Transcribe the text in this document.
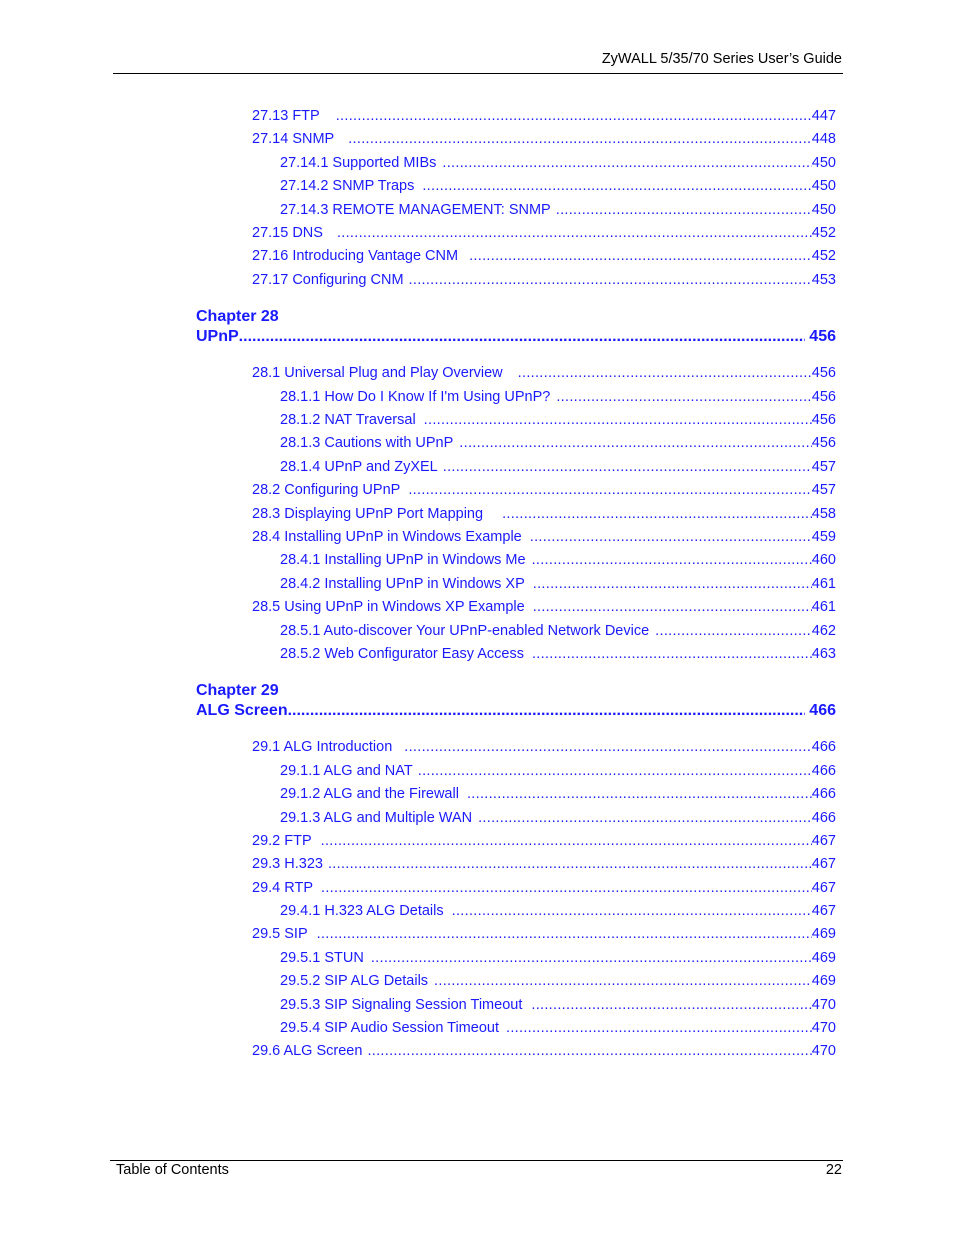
ZyWALL 5/35/70 Series User’s Guide
27.13 FTP .....	447
27.14 SNMP .....	448
27.14.1 Supported MIBs .....	450
27.14.2 SNMP Traps .....	450
27.14.3 REMOTE MANAGEMENT: SNMP .....	450
27.15 DNS .....	452
27.16 Introducing Vantage CNM .....	452
27.17 Configuring CNM .....	453
Chapter 28
UPnP .....	456
28.1 Universal Plug and Play Overview .....	456
28.1.1 How Do I Know If I'm Using UPnP? .....	456
28.1.2 NAT Traversal .....	456
28.1.3 Cautions with UPnP .....	456
28.1.4 UPnP and ZyXEL .....	457
28.2 Configuring UPnP .....	457
28.3 Displaying UPnP Port Mapping .....	458
28.4 Installing UPnP in Windows Example .....	459
28.4.1 Installing UPnP in Windows Me .....	460
28.4.2 Installing UPnP in Windows XP .....	461
28.5 Using UPnP in Windows XP Example .....	461
28.5.1 Auto-discover Your UPnP-enabled Network Device .....	462
28.5.2 Web Configurator Easy Access .....	463
Chapter 29
ALG Screen .....	466
29.1 ALG Introduction .....	466
29.1.1 ALG and NAT .....	466
29.1.2 ALG and the Firewall .....	466
29.1.3 ALG and Multiple WAN .....	466
29.2 FTP .....	467
29.3 H.323 .....	467
29.4 RTP .....	467
29.4.1 H.323 ALG Details .....	467
29.5 SIP .....	469
29.5.1 STUN .....	469
29.5.2 SIP ALG Details .....	469
29.5.3 SIP Signaling Session Timeout .....	470
29.5.4 SIP Audio Session Timeout .....	470
29.6 ALG Screen .....	470
Table of Contents	22
